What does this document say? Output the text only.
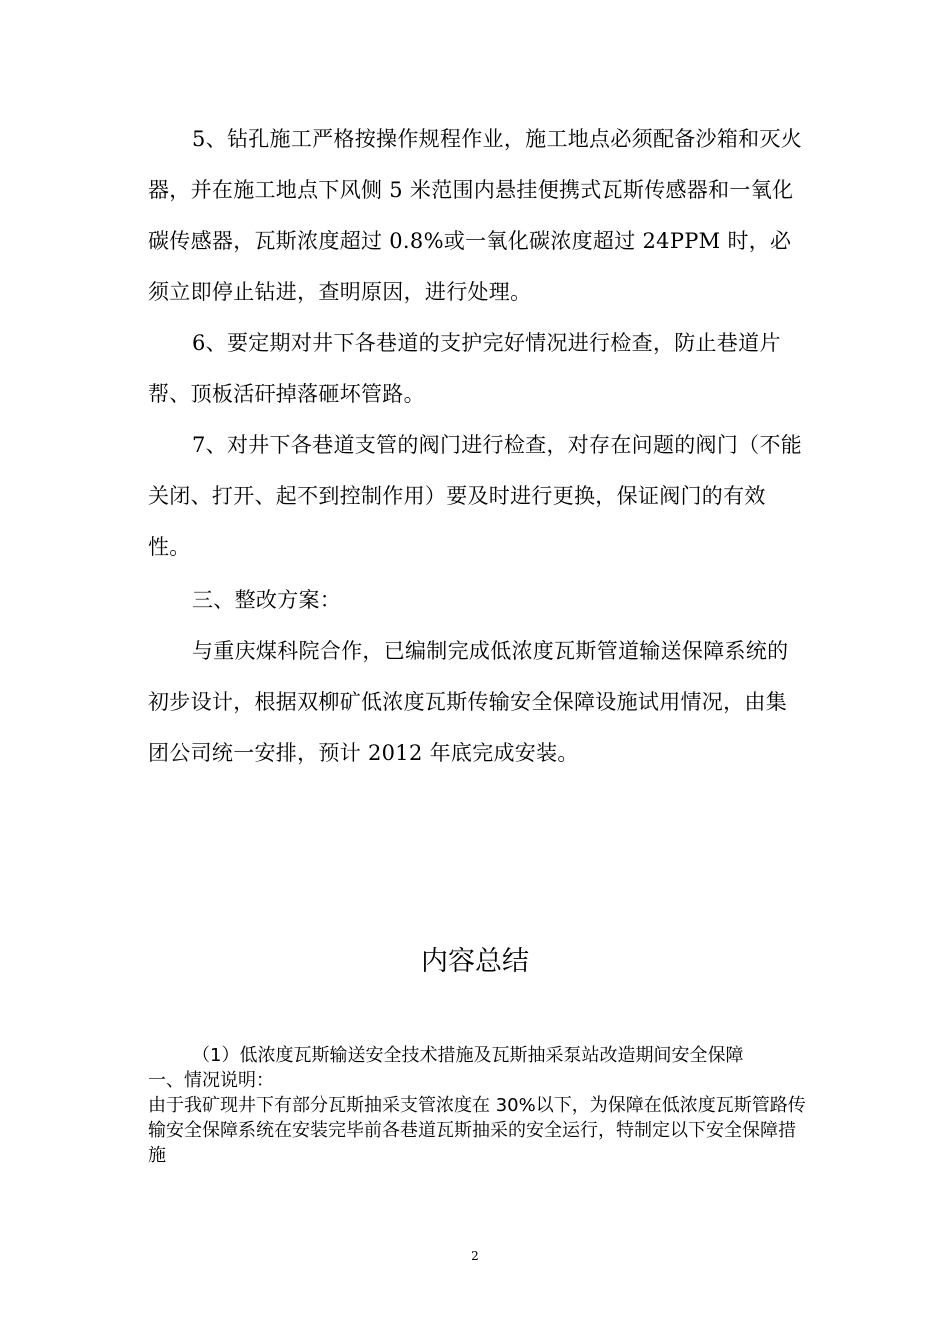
5、钻孔施工严格按操作规程作业，施工地点必须配备沙箱和灭火器，并在施工地点下风侧 5 米范围内悬挂便携式瓦斯传感器和一氧化碳传感器，瓦斯浓度超过 0.8%或一氧化碳浓度超过 24PPM 时，必须立即停止钻进，查明原因，进行处理。

6、要定期对井下各巷道的支护完好情况进行检查，防止巷道片帮、顶板活矸掉落砸坏管路。

7、对井下各巷道支管的阀门进行检查，对存在问题的阀门（不能关闭、打开、起不到控制作用）要及时进行更换，保证阀门的有效性。

三、整改方案：

与重庆煤科院合作，已编制完成低浓度瓦斯管道输送保障系统的初步设计，根据双柳矿低浓度瓦斯传输安全保障设施试用情况，由集团公司统一安排，预计 2012 年底完成安装。

内容总结

（1）低浓度瓦斯输送安全技术措施及瓦斯抽采泵站改造期间安全保障

一、情况说明：

由于我矿现井下有部分瓦斯抽采支管浓度在 30%以下，为保障在低浓度瓦斯管路传输安全保障系统在安装完毕前各巷道瓦斯抽采的安全运行，特制定以下安全保障措施

2
